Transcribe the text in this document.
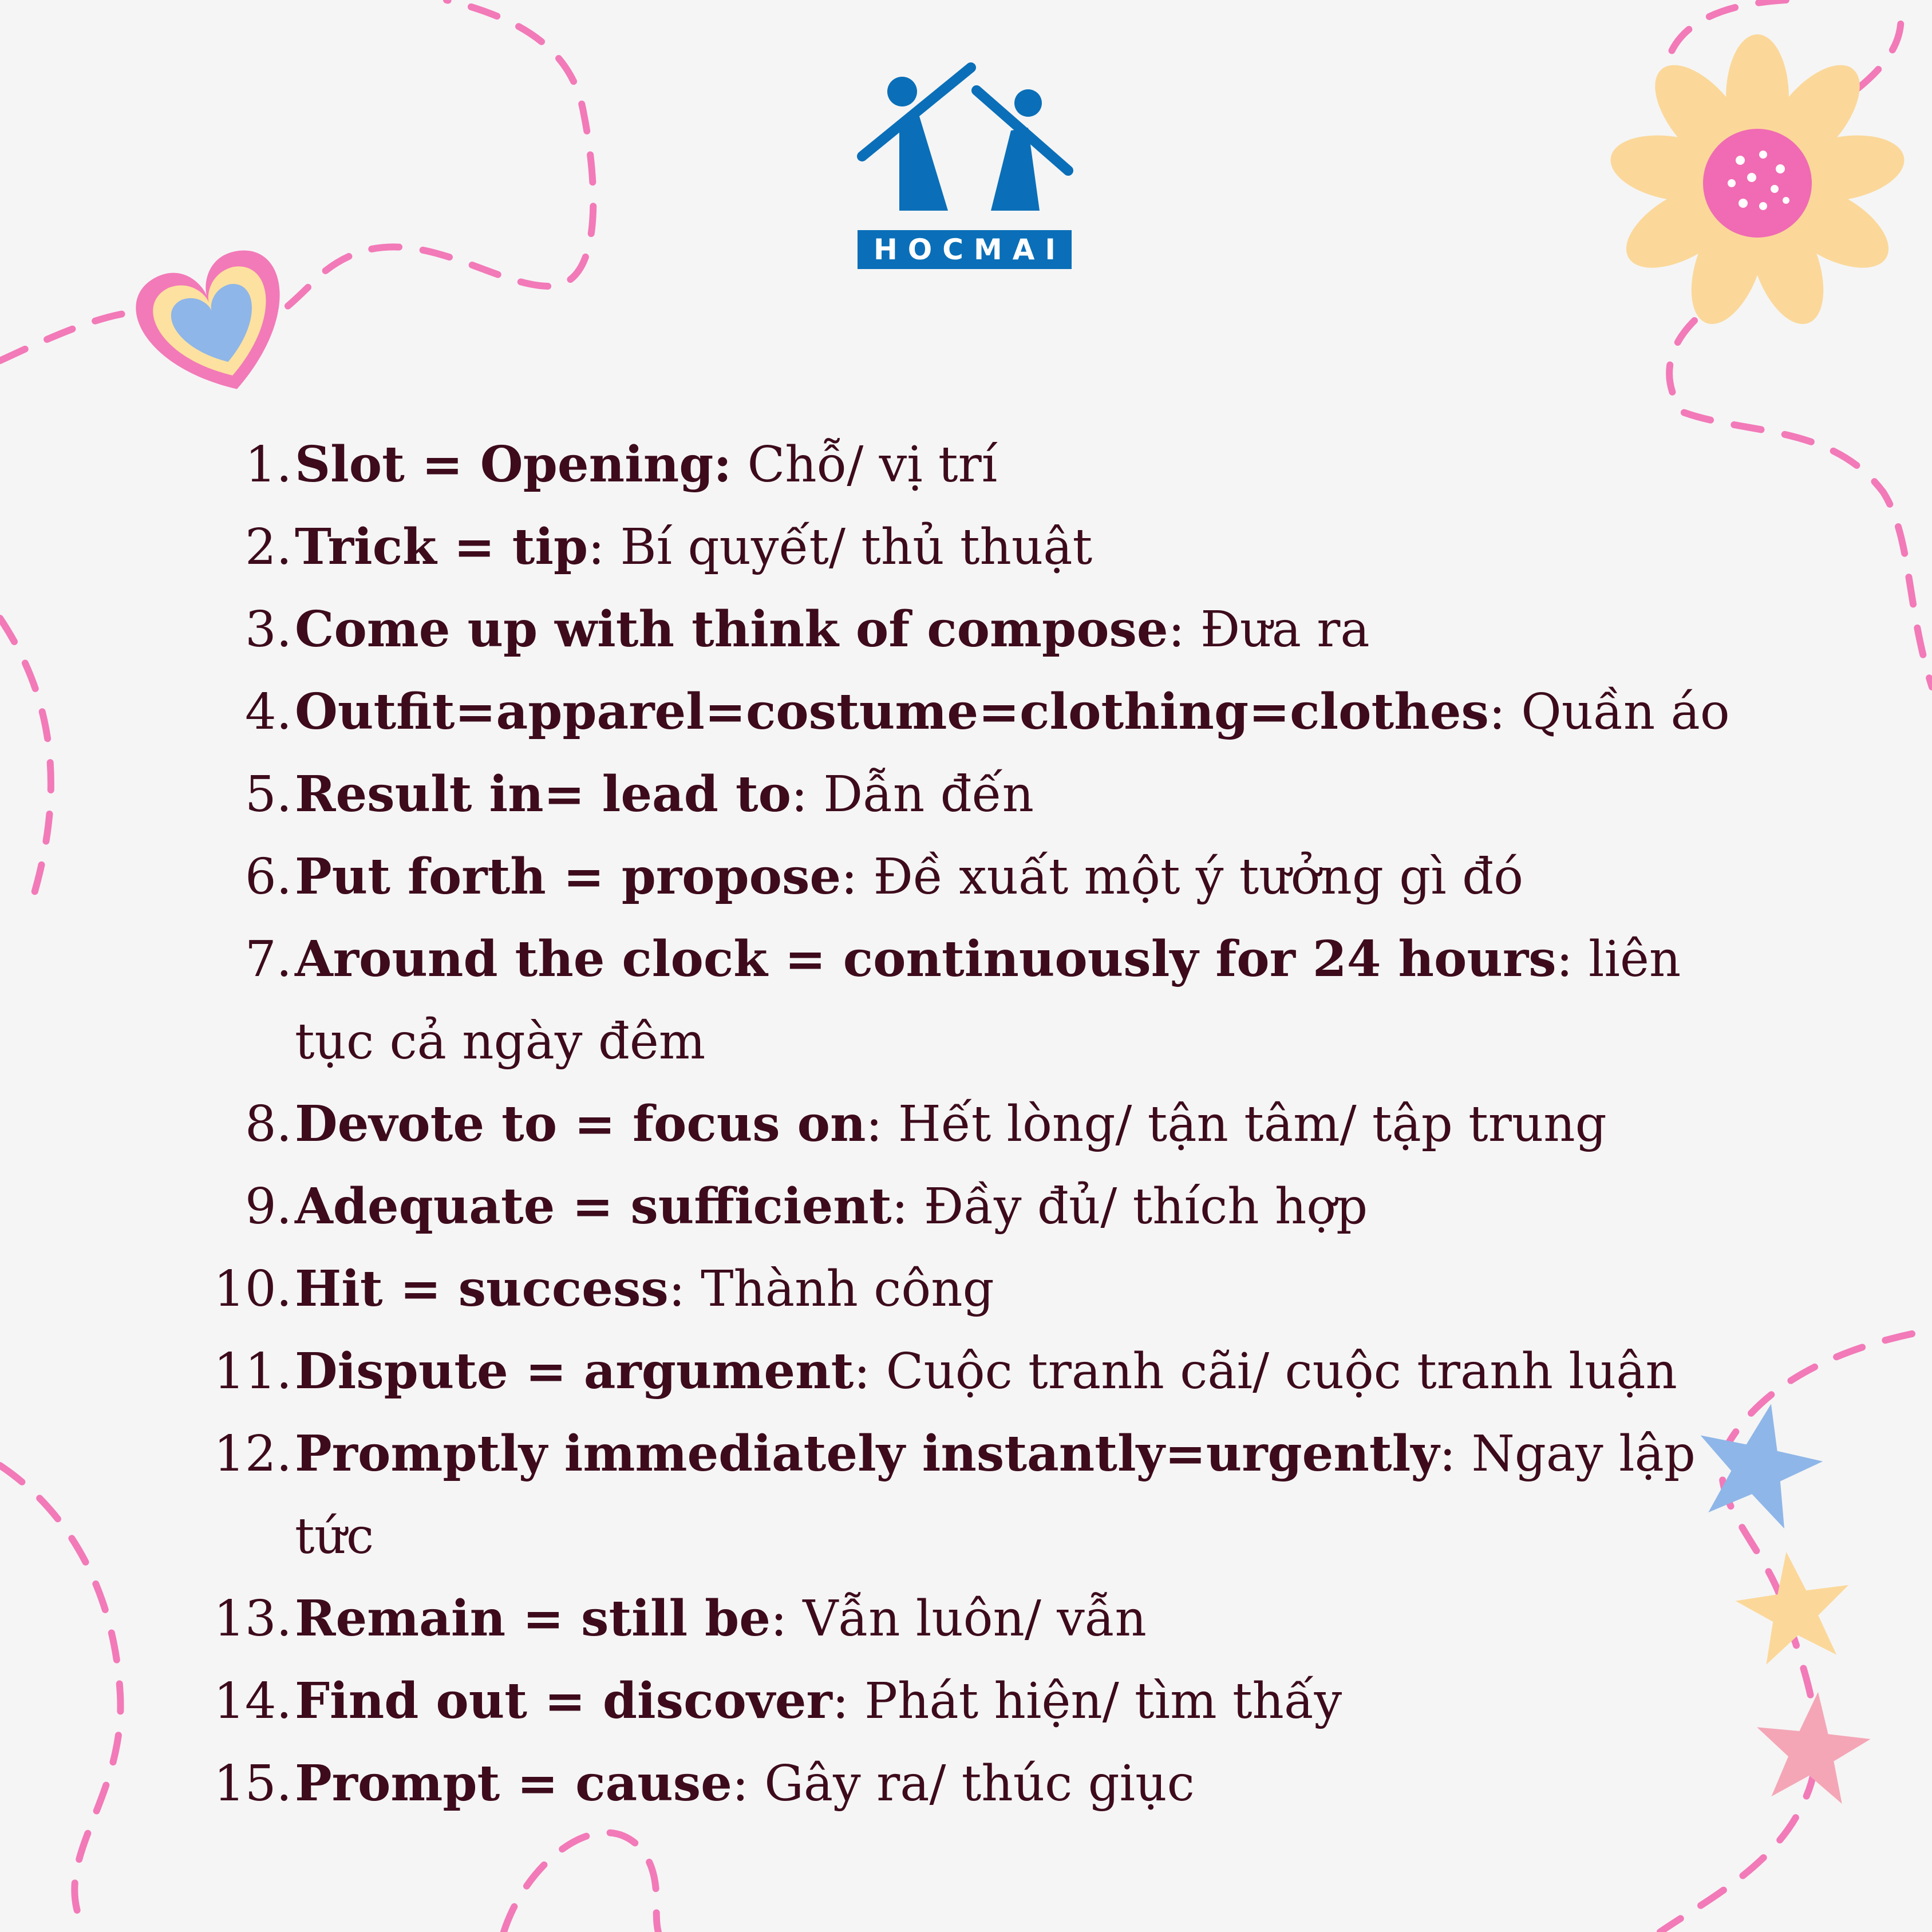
HOCMAI
1. Slot = Opening: Chỗ/ vị trí
2. Trick = tip: Bí quyết/ thủ thuật
3. Come up with think of compose: Đưa ra
4. Outfit=apparel=costume=clothing=clothes: Quần áo
5. Result in= lead to: Dẫn đến
6. Put forth = propose: Đề xuất một ý tưởng gì đó
7. Around the clock = continuously for 24 hours: liên tục cả ngày đêm
8. Devote to = focus on: Hết lòng/ tận tâm/ tập trung
9. Adequate = sufficient: Đầy đủ/ thích hợp
10. Hit = success: Thành công
11. Dispute = argument: Cuộc tranh cãi/ cuộc tranh luận
12. Promptly immediately instantly=urgently: Ngay lập tức
13. Remain = still be: Vẫn luôn/ vẫn
14. Find out = discover: Phát hiện/ tìm thấy
15. Prompt = cause: Gây ra/ thúc giục
